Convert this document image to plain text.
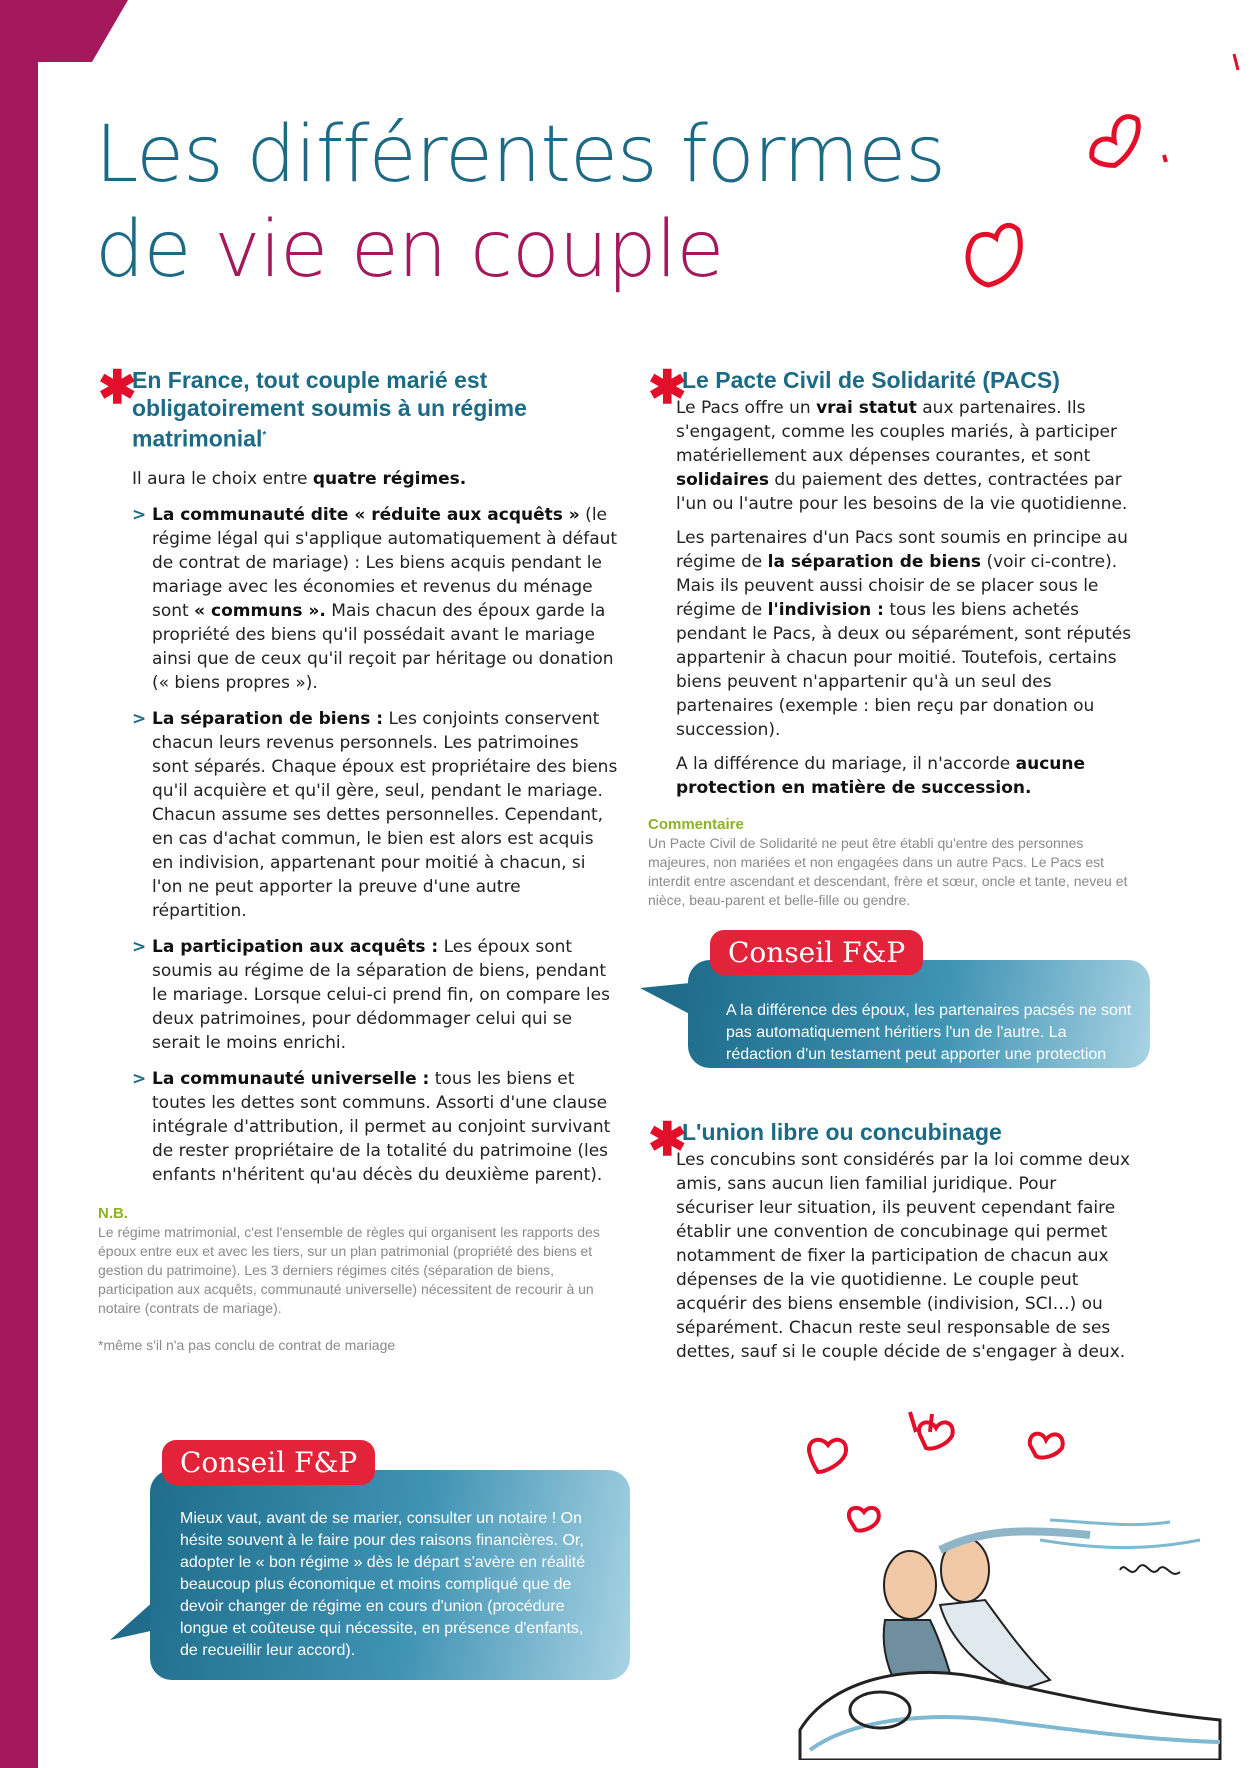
Les différentes formes
de vie en couple
✱
En France, tout couple marié est obligatoirement soumis à un régime matrimonial*
Il aura le choix entre quatre régimes.
> La communauté dite « réduite aux acquêts » (le régime légal qui s'applique automatiquement à défaut de contrat de mariage) : Les biens acquis pendant le mariage avec les économies et revenus du ménage sont « communs ». Mais chacun des époux garde la propriété des biens qu'il possédait avant le mariage ainsi que de ceux qu'il reçoit par héritage ou donation (« biens propres »).
> La séparation de biens : Les conjoints conservent chacun leurs revenus personnels. Les patrimoines sont séparés. Chaque époux est propriétaire des biens qu'il acquière et qu'il gère, seul, pendant le mariage. Chacun assume ses dettes personnelles. Cependant, en cas d'achat commun, le bien est alors est acquis en indivision, appartenant pour moitié à chacun, si l'on ne peut apporter la preuve d'une autre répartition.
> La participation aux acquêts : Les époux sont soumis au régime de la séparation de biens, pendant le mariage. Lorsque celui-ci prend fin, on compare les deux patrimoines, pour dédommager celui qui se serait le moins enrichi.
> La communauté universelle : tous les biens et toutes les dettes sont communs. Assorti d'une clause intégrale d'attribution, il permet au conjoint survivant de rester propriétaire de la totalité du patrimoine (les enfants n'héritent qu'au décès du deuxième parent).
N.B.
Le régime matrimonial, c'est l'ensemble de règles qui organisent les rapports des époux entre eux et avec les tiers, sur un plan patrimonial (propriété des biens et gestion du patrimoine). Les 3 derniers régimes cités (séparation de biens, participation aux acquêts, communauté universelle) nécessitent de recourir à un notaire (contrats de mariage).
*même s'il n'a pas conclu de contrat de mariage
✱
Le Pacte Civil de Solidarité (PACS)
Le Pacs offre un vrai statut aux partenaires. Ils s'engagent, comme les couples mariés, à participer matériellement aux dépenses courantes, et sont solidaires du paiement des dettes, contractées par l'un ou l'autre pour les besoins de la vie quotidienne.
Les partenaires d'un Pacs sont soumis en principe au régime de la séparation de biens (voir ci-contre). Mais ils peuvent aussi choisir de se placer sous le régime de l'indivision : tous les biens achetés pendant le Pacs, à deux ou séparément, sont réputés appartenir à chacun pour moitié. Toutefois, certains biens peuvent n'appartenir qu'à un seul des partenaires (exemple : bien reçu par donation ou succession).
A la différence du mariage, il n'accorde aucune protection en matière de succession.
Commentaire
Un Pacte Civil de Solidarité ne peut être établi qu'entre des personnes majeures, non mariées et non engagées dans un autre Pacs. Le Pacs est interdit entre ascendant et descendant, frère et sœur, oncle et tante, neveu et nièce, beau-parent et belle-fille ou gendre.
Conseil F&P
A la différence des époux, les partenaires pacsés ne sont pas automatiquement héritiers l'un de l'autre. La rédaction d'un testament peut apporter une protection supplémentaire.
✱
L'union libre ou concubinage
Les concubins sont considérés par la loi comme deux amis, sans aucun lien familial juridique. Pour sécuriser leur situation, ils peuvent cependant faire établir une convention de concubinage qui permet notamment de fixer la participation de chacun aux dépenses de la vie quotidienne. Le couple peut acquérir des biens ensemble (indivision, SCI…) ou séparément. Chacun reste seul responsable de ses dettes, sauf si le couple décide de s'engager à deux.
Conseil F&P
Mieux vaut, avant de se marier, consulter un notaire ! On hésite souvent à le faire pour des raisons financières. Or, adopter le « bon régime » dès le départ s'avère en réalité beaucoup plus économique et moins compliqué que de devoir changer de régime en cours d'union (procédure longue et coûteuse qui nécessite, en présence d'enfants, de recueillir leur accord).
